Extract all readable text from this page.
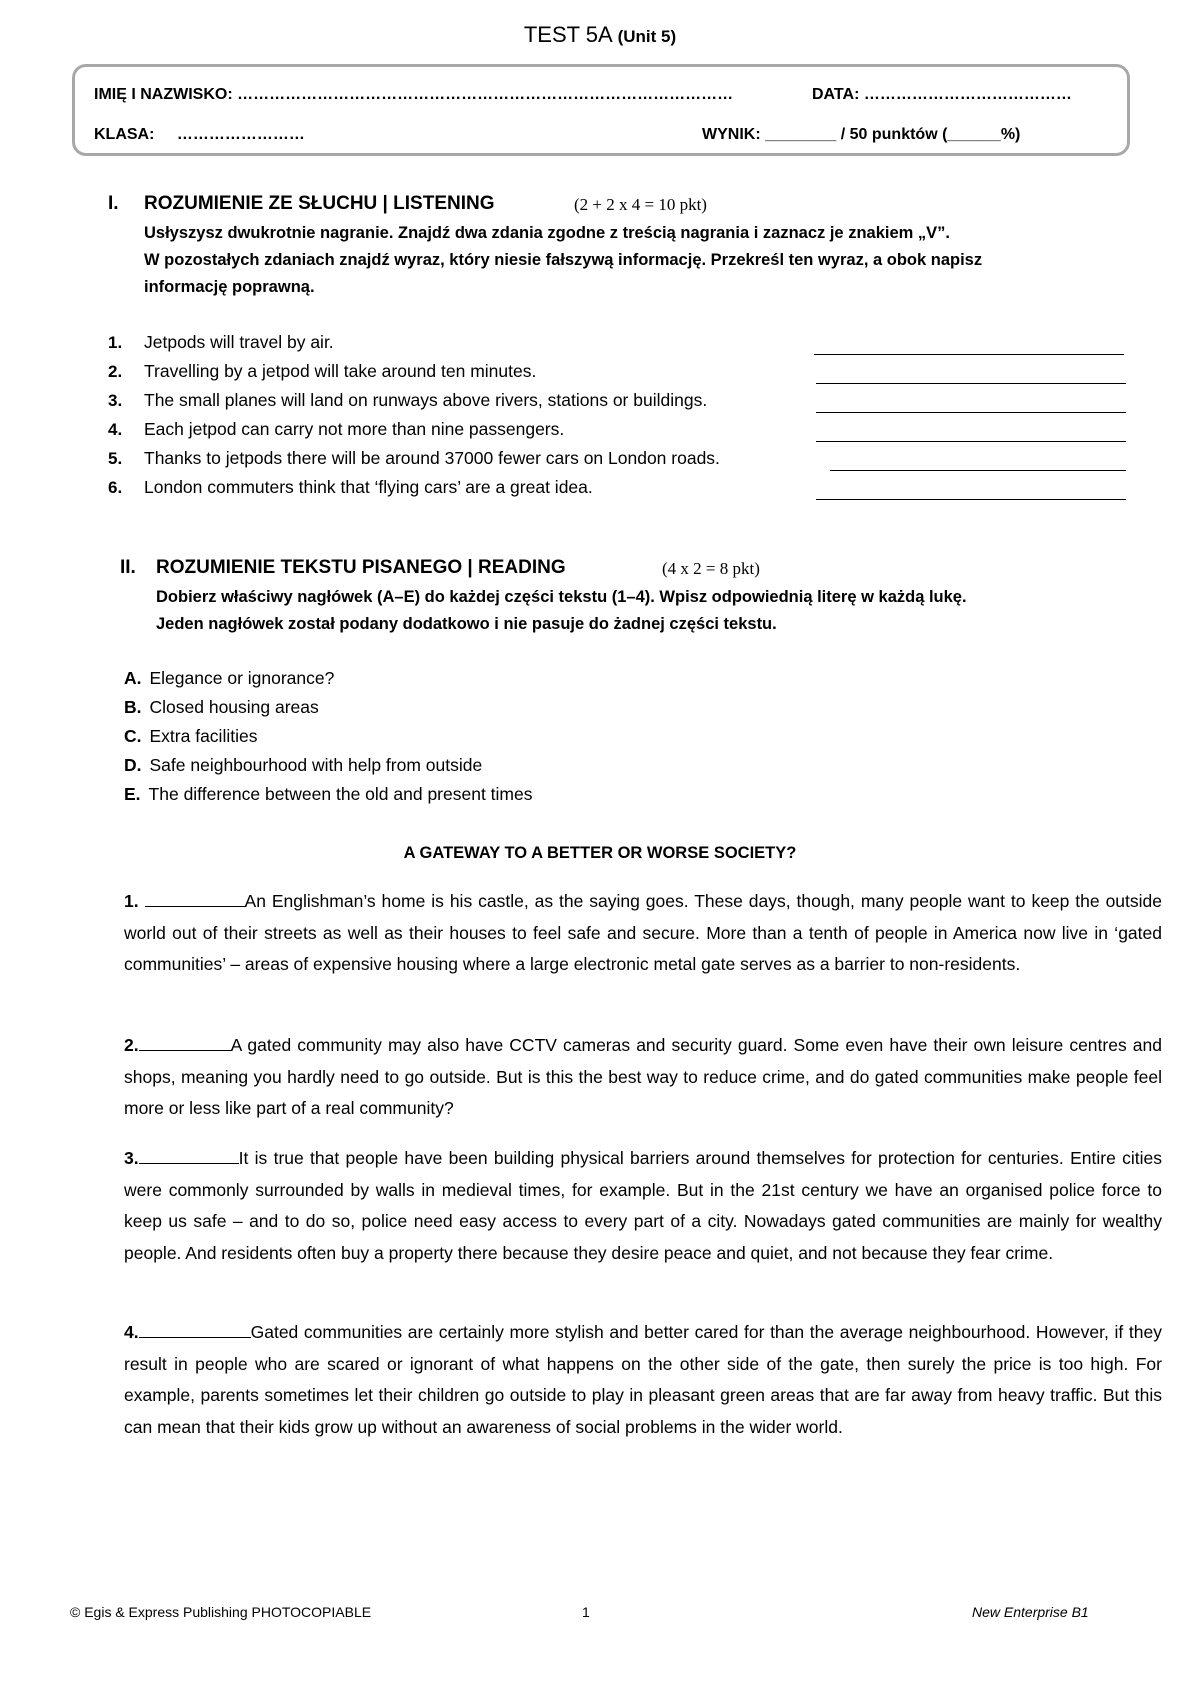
TEST 5A (Unit 5)
IMIĘ I NAZWISKO: …………………………………………………………………………………	DATA: …………………………………
KLASA: ……………………	WYNIK: ________ / 50 punktów (______%)
I. ROZUMIENIE ZE SŁUCHU | LISTENING	(2 + 2 x 4 = 10 pkt)
Usłyszysz dwukrotnie nagranie. Znajdź dwa zdania zgodne z treścią nagrania i zaznacz je znakiem „V”.
W pozostałych zdaniach znajdź wyraz, który niesie fałszywą informację. Przekreśl ten wyraz, a obok napisz
informację poprawną.
1.	Jetpods will travel by air.
2.	Travelling by a jetpod will take around ten minutes.
3.	The small planes will land on runways above rivers, stations or buildings.
4.	Each jetpod can carry not more than nine passengers.
5.	Thanks to jetpods there will be around 37000 fewer cars on London roads.
6.	London commuters think that ‘flying cars’ are a great idea.
II. ROZUMIENIE TEKSTU PISANEGO | READING	(4 x 2 = 8 pkt)
Dobierz właściwy nagłówek (A–E) do każdej części tekstu (1–4). Wpisz odpowiednią literę w każdą lukę.
Jeden nagłówek został podany dodatkowo i nie pasuje do żadnej części tekstu.
A. Elegance or ignorance?
B. Closed housing areas
C. Extra facilities
D. Safe neighbourhood with help from outside
E. The difference between the old and present times
A GATEWAY TO A BETTER OR WORSE SOCIETY?
1.	An Englishman’s home is his castle, as the saying goes. These days, though, many people want to keep the outside world out of their streets as well as their houses to feel safe and secure. More than a tenth of people in America now live in ‘gated communities’ – areas of expensive housing where a large electronic metal gate serves as a barrier to non-residents.
2.	A gated community may also have CCTV cameras and security guard. Some even have their own leisure centres and shops, meaning you hardly need to go outside. But is this the best way to reduce crime, and do gated communities make people feel more or less like part of a real community?
3.	It is true that people have been building physical barriers around themselves for protection for centuries. Entire cities were commonly surrounded by walls in medieval times, for example. But in the 21st century we have an organised police force to keep us safe – and to do so, police need easy access to every part of a city. Nowadays gated communities are mainly for wealthy people. And residents often buy a property there because they desire peace and quiet, and not because they fear crime.
4.	Gated communities are certainly more stylish and better cared for than the average neighbourhood. However, if they result in people who are scared or ignorant of what happens on the other side of the gate, then surely the price is too high. For example, parents sometimes let their children go outside to play in pleasant green areas that are far away from heavy traffic. But this can mean that their kids grow up without an awareness of social problems in the wider world.
© Egis & Express Publishing PHOTOCOPIABLE	1	New Enterprise B1
